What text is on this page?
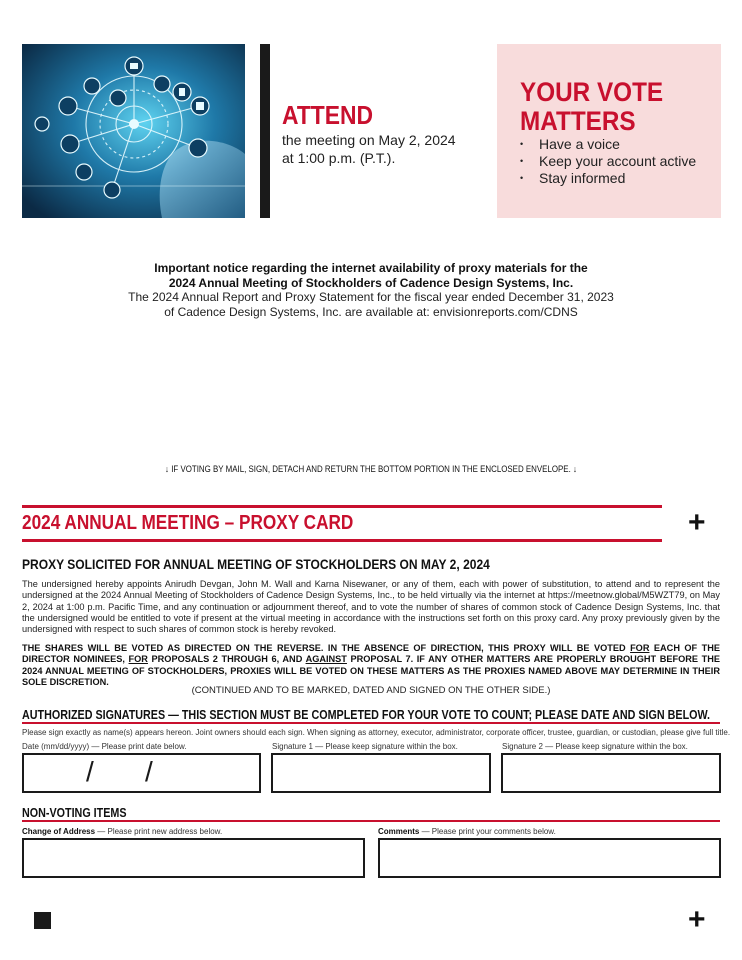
ATTEND
the meeting on May 2, 2024
at 1:00 p.m. (P.T.).
YOUR VOTE
MATTERS
• Have a voice
• Keep your account active
• Stay informed
Important notice regarding the internet availability of proxy materials for the
2024 Annual Meeting of Stockholders of Cadence Design Systems, Inc.
The 2024 Annual Report and Proxy Statement for the fiscal year ended December 31, 2023
of Cadence Design Systems, Inc. are available at: envisionreports.com/CDNS
↓ IF VOTING BY MAIL, SIGN, DETACH AND RETURN THE BOTTOM PORTION IN THE ENCLOSED ENVELOPE. ↓
2024 ANNUAL MEETING – PROXY CARD	+
PROXY SOLICITED FOR ANNUAL MEETING OF STOCKHOLDERS ON MAY 2, 2024
The undersigned hereby appoints Anirudh Devgan, John M. Wall and Karna Nisewaner, or any of them, each with power of substitution, to attend and to represent the undersigned at the 2024 Annual Meeting of Stockholders of Cadence Design Systems, Inc., to be held virtually via the internet at https://meetnow.global/M5WZT79, on May 2, 2024 at 1:00 p.m. Pacific Time, and any continuation or adjournment thereof, and to vote the number of shares of common stock of Cadence Design Systems, Inc. that the undersigned would be entitled to vote if present at the virtual meeting in accordance with the instructions set forth on this proxy card. Any proxy previously given by the undersigned with respect to such shares of common stock is hereby revoked.
THE SHARES WILL BE VOTED AS DIRECTED ON THE REVERSE. IN THE ABSENCE OF DIRECTION, THIS PROXY WILL BE VOTED FOR EACH OF THE DIRECTOR NOMINEES, FOR PROPOSALS 2 THROUGH 6, AND AGAINST PROPOSAL 7. IF ANY OTHER MATTERS ARE PROPERLY BROUGHT BEFORE THE 2024 ANNUAL MEETING OF STOCKHOLDERS, PROXIES WILL BE VOTED ON THESE MATTERS AS THE PROXIES NAMED ABOVE MAY DETERMINE IN THEIR SOLE DISCRETION.
(CONTINUED AND TO BE MARKED, DATED AND SIGNED ON THE OTHER SIDE.)
AUTHORIZED SIGNATURES — THIS SECTION MUST BE COMPLETED FOR YOUR VOTE TO COUNT; PLEASE DATE AND SIGN BELOW.
Please sign exactly as name(s) appears hereon. Joint owners should each sign. When signing as attorney, executor, administrator, corporate officer, trustee, guardian, or custodian, please give full title.
Date (mm/dd/yyyy) — Please print date below.	Signature 1 — Please keep signature within the box.	Signature 2 — Please keep signature within the box.
/ /
NON-VOTING ITEMS
Change of Address — Please print new address below.	Comments — Please print your comments below.
+
